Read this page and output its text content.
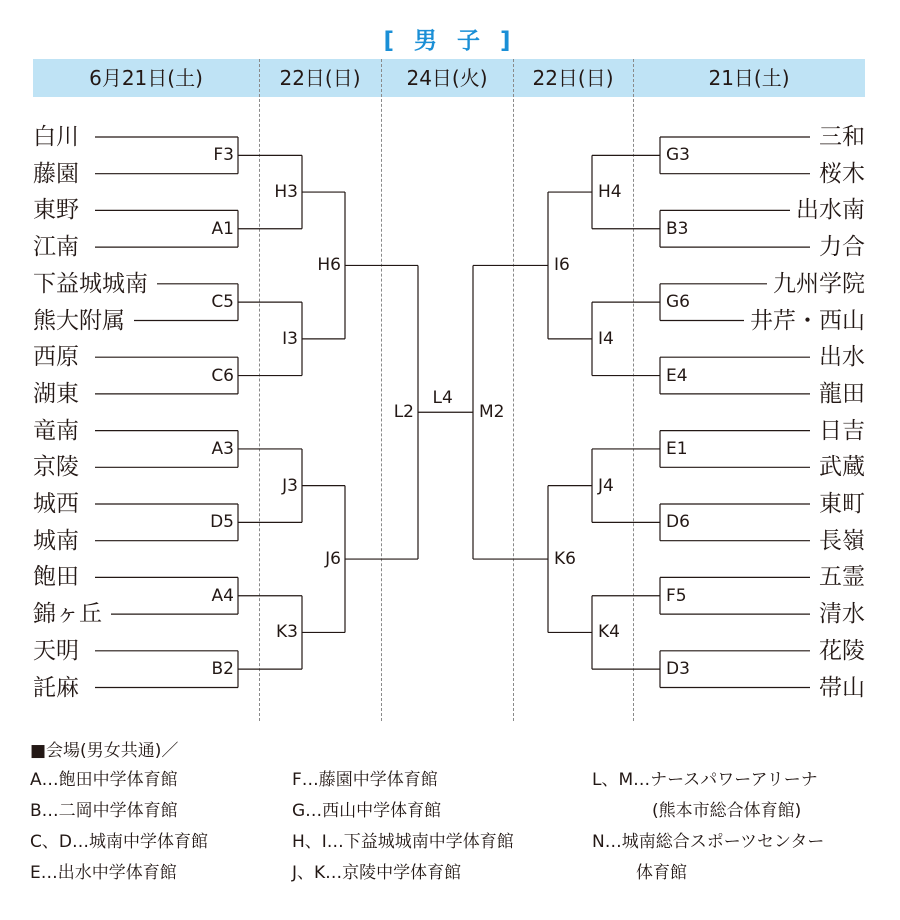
[ 男 子 ]
6月21日(土)	22日(日)	24日(火)	22日(日)	21日(土)
F3
A1
C5
C6
A3
D5
A4
B2
H3
I3
J3
K3
H6
J6
L2
G3
B3
G6
E4
E1
D6
F5
D3
H4
I4
J4
K4
I6
K6
M2
L4
白川	三和
藤園	桜木
東野	出水南
江南	力合
下益城城南	九州学院
熊大附属	井芹・西山
西原	出水
湖東	龍田
竜南	日吉
京陵	武蔵
城西	東町
城南	長嶺
飽田	五霊
錦ヶ丘	清水
天明	花陵
託麻	帯山
■会場(男女共通)／
A…飽田中学体育館
B…二岡中学体育館
C、D…城南中学体育館
E…出水中学体育館
F…藤園中学体育館
G…西山中学体育館
H、I…下益城城南中学体育館
J、K…京陵中学体育館
L、M…ナースパワーアリーナ
(熊本市総合体育館)
N…城南総合スポーツセンター
体育館
